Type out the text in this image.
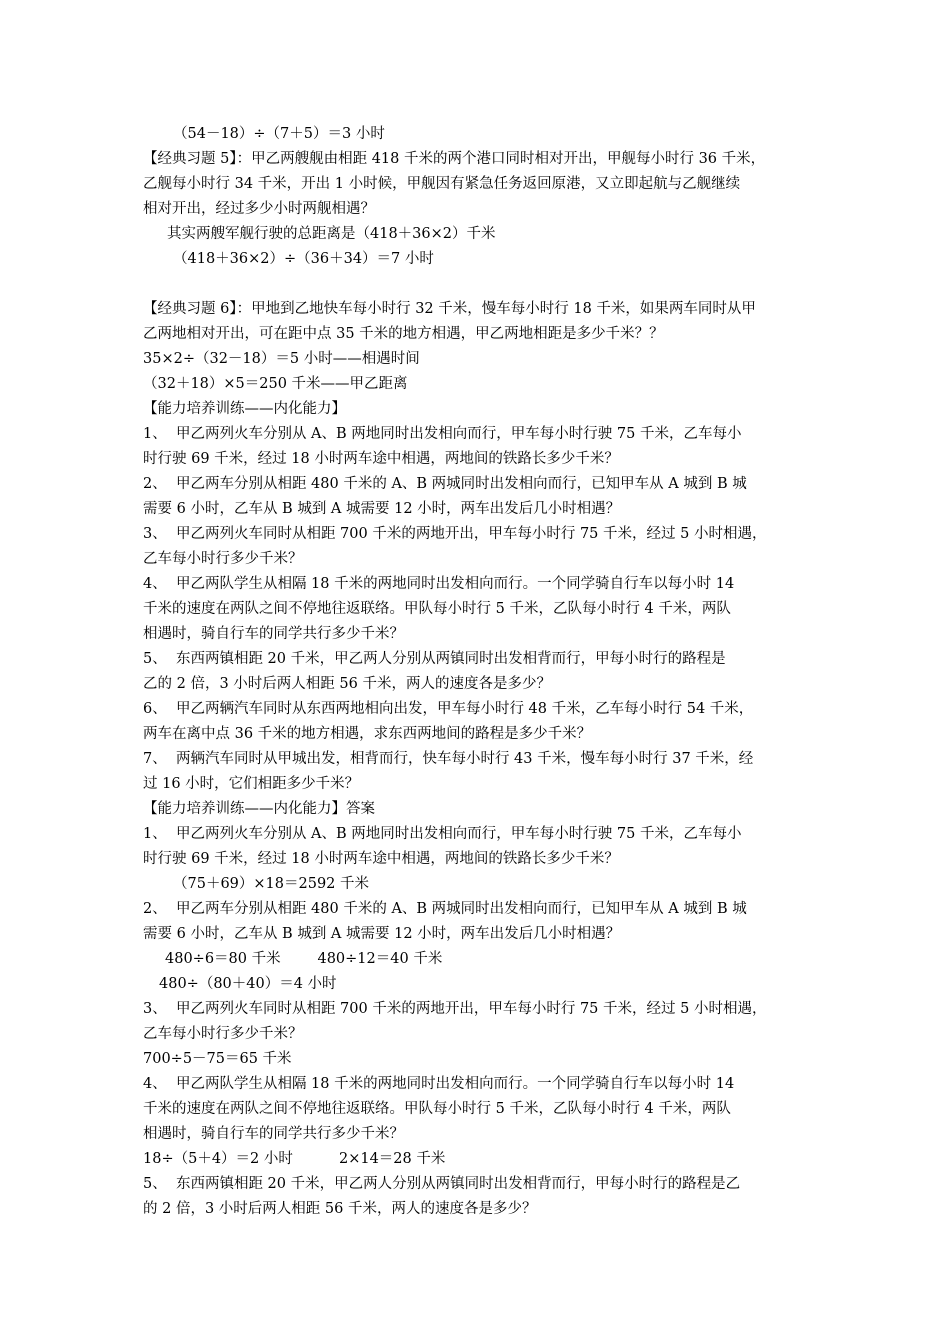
（54－18）÷（7＋5）＝3 小时
【经典习题 5】：甲乙两艘舰由相距 418 千米的两个港口同时相对开出，甲舰每小时行 36 千米，
乙舰每小时行 34 千米，开出 1 小时候，甲舰因有紧急任务返回原港，又立即起航与乙舰继续
相对开出，经过多少小时两舰相遇？
其实两艘军舰行驶的总距离是（418＋36×2）千米
（418＋36×2）÷（36＋34）＝7 小时
【经典习题 6】：甲地到乙地快车每小时行 32 千米，慢车每小时行 18 千米，如果两车同时从甲
乙两地相对开出，可在距中点 35 千米的地方相遇，甲乙两地相距是多少千米？？
35×2÷（32－18）＝5 小时——相遇时间
（32＋18）×5＝250 千米——甲乙距离
【能力培养训练——内化能力】
1、  甲乙两列火车分别从 A、B 两地同时出发相向而行，甲车每小时行驶 75 千米，乙车每小
时行驶 69 千米，经过 18 小时两车途中相遇，两地间的铁路长多少千米？
2、  甲乙两车分别从相距 480 千米的 A、B 两城同时出发相向而行，已知甲车从 A 城到 B 城
需要 6 小时，乙车从 B 城到 A 城需要 12 小时，两车出发后几小时相遇？
3、  甲乙两列火车同时从相距 700 千米的两地开出，甲车每小时行 75 千米，经过 5 小时相遇，
乙车每小时行多少千米？
4、  甲乙两队学生从相隔 18 千米的两地同时出发相向而行。一个同学骑自行车以每小时 14
千米的速度在两队之间不停地往返联络。甲队每小时行 5 千米，乙队每小时行 4 千米，两队
相遇时，骑自行车的同学共行多少千米？
5、  东西两镇相距 20 千米，甲乙两人分别从两镇同时出发相背而行，甲每小时行的路程是
乙的 2 倍，3 小时后两人相距 56 千米，两人的速度各是多少？
6、  甲乙两辆汽车同时从东西两地相向出发，甲车每小时行 48 千米，乙车每小时行 54 千米，
两车在离中点 36 千米的地方相遇，求东西两地间的路程是多少千米？
7、  两辆汽车同时从甲城出发，相背而行，快车每小时行 43 千米，慢车每小时行 37 千米，经
过 16 小时，它们相距多少千米？
【能力培养训练——内化能力】答案
1、  甲乙两列火车分别从 A、B 两地同时出发相向而行，甲车每小时行驶 75 千米，乙车每小
时行驶 69 千米，经过 18 小时两车途中相遇，两地间的铁路长多少千米？
（75＋69）×18＝2592 千米
2、  甲乙两车分别从相距 480 千米的 A、B 两城同时出发相向而行，已知甲车从 A 城到 B 城
需要 6 小时，乙车从 B 城到 A 城需要 12 小时，两车出发后几小时相遇？
480÷6＝80 千米        480÷12＝40 千米
480÷（80＋40）＝4 小时
3、  甲乙两列火车同时从相距 700 千米的两地开出，甲车每小时行 75 千米，经过 5 小时相遇，
乙车每小时行多少千米？
700÷5－75＝65 千米
4、  甲乙两队学生从相隔 18 千米的两地同时出发相向而行。一个同学骑自行车以每小时 14
千米的速度在两队之间不停地往返联络。甲队每小时行 5 千米，乙队每小时行 4 千米，两队
相遇时，骑自行车的同学共行多少千米？
18÷（5＋4）＝2 小时          2×14＝28 千米
5、  东西两镇相距 20 千米，甲乙两人分别从两镇同时出发相背而行，甲每小时行的路程是乙
的 2 倍，3 小时后两人相距 56 千米，两人的速度各是多少？
